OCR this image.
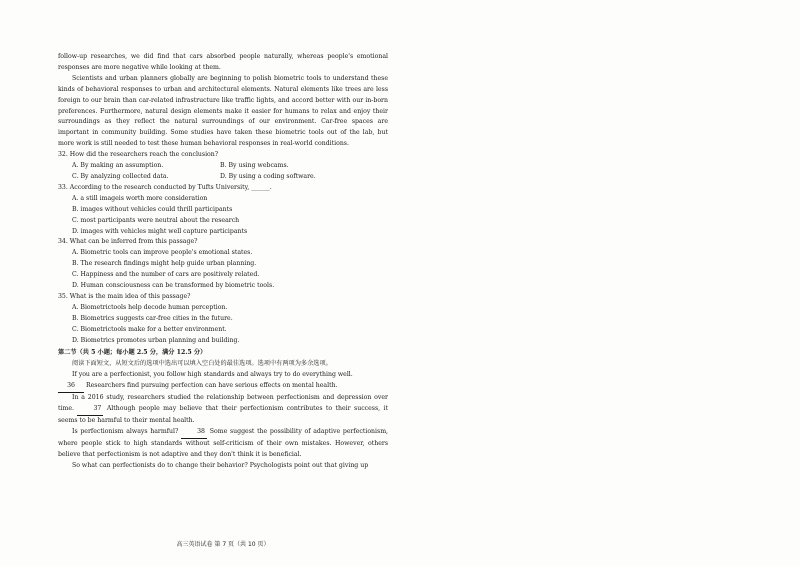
follow-up researches, we did find that cars absorbed people naturally, whereas people's emotional responses are more negative while looking at them.

Scientists and urban planners globally are beginning to polish biometric tools to understand these kinds of behavioral responses to urban and architectural elements. Natural elements like trees are less foreign to our brain than car-related infrastructure like traffic lights, and accord better with our in-born preferences. Furthermore, natural design elements make it easier for humans to relax and enjoy their surroundings as they reflect the natural surroundings of our environment. Car-free spaces are important in community building. Some studies have taken these biometric tools out of the lab, but more work is still needed to test these human behavioral responses in real-world conditions.

32. How did the researchers reach the conclusion?

A. By making an assumption.	B. By using webcams.
C. By analyzing collected data.	D. By using a coding software.

33. According to the research conducted by Tufts University, ______.

A. a still imageis worth more consideration
B. images without vehicles could thrill participants
C. most participants were neutral about the research
D. images with vehicles might well capture participants

34. What can be inferred from this passage?

A. Biometric tools can improve people's emotional states.
B. The research findings might help guide urban planning.
C. Happiness and the number of cars are positively related.
D. Human consciousness can be transformed by biometric tools.

35. What is the main idea of this passage?

A. Biometrictools help decode human perception.
B. Biometrics suggests car-free cities in the future.
C. Biometrictools make for a better environment.
D. Biometrics promotes urban planning and building.

第二节（共 5 小题；每小题 2.5 分，满分 12.5 分）

阅读下面短文，从短文后的选项中选出可以填入空白处的最佳选项。选项中有两项为多余选项。

If you are a perfectionist, you follow high standards and always try to do everything well.

36 Researchers find pursuing perfection can have serious effects on mental health.

In a 2016 study, researchers studied the relationship between perfectionism and depression over time.	37 Although people may believe that their perfectionism contributes to their success, it seems to be harmful to their mental health.

Is perfectionism always harmful?	38 Some suggest the possibility of adaptive perfectionism, where people stick to high standards without self-criticism of their own mistakes. However, others believe that perfectionism is not adaptive and they don't think it is beneficial.

So what can perfectionists do to change their behavior? Psychologists point out that giving up

高三英语试卷 第 7 页（共 10 页）
